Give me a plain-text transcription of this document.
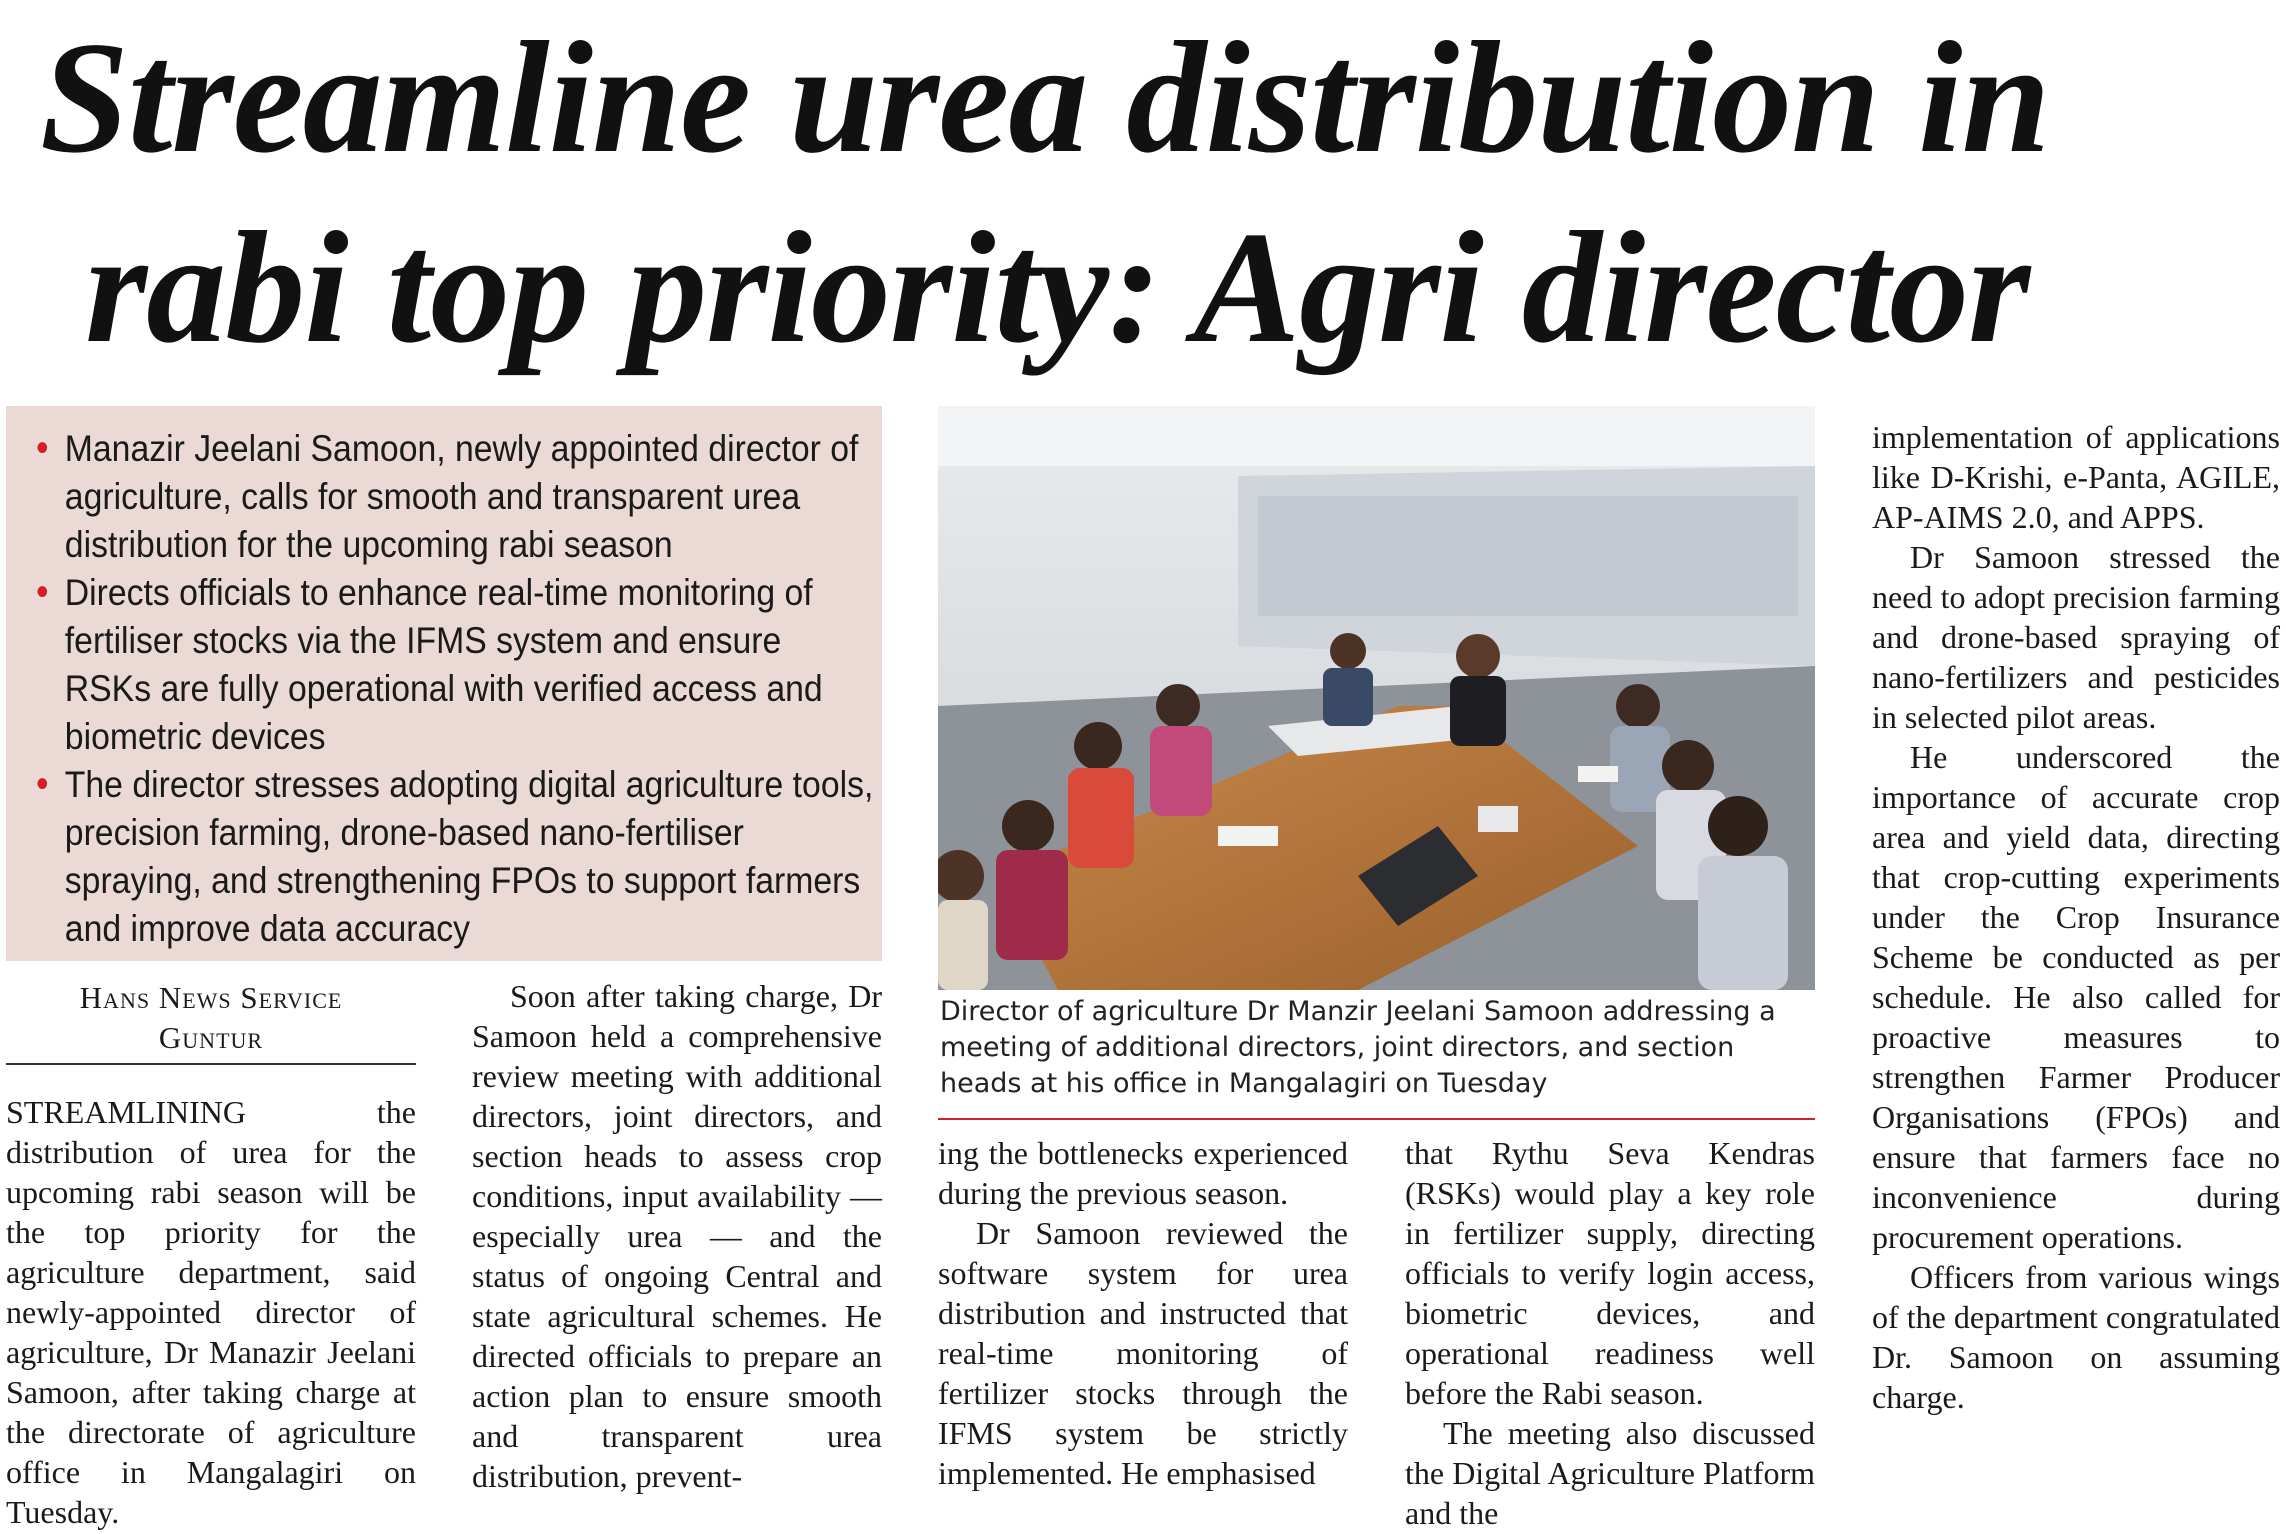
Streamline urea distribution in
rabi top priority: Agri director
• Manazir Jeelani Samoon, newly appointed director of agriculture, calls for smooth and transparent urea distribution for the upcoming rabi season
• Directs officials to enhance real-time monitoring of fertiliser stocks via the IFMS system and ensure RSKs are fully operational with verified access and biometric devices
• The director stresses adopting digital agriculture tools, precision farming, drone-based nano-fertiliser spraying, and strengthening FPOs to support farmers and improve data accuracy
Hans News Service
Guntur

STREAMLINING the distribution of urea for the upcoming rabi season will be the top priority for the agriculture department, said newly-appointed director of agriculture, Dr Manazir Jeelani Samoon, after taking charge at the directorate of agriculture office in Mangalagiri on Tuesday.

Soon after taking charge, Dr Samoon held a comprehensive review meeting with additional directors, joint directors, and section heads to assess crop conditions, input availability — especially urea — and the status of ongoing Central and state agricultural schemes. He directed officials to prepare an action plan to ensure smooth and transparent urea distribution, prevent-

Director of agriculture Dr Manzir Jeelani Samoon addressing a meeting of additional directors, joint directors, and section heads at his office in Mangalagiri on Tuesday

ing the bottlenecks experienced during the previous season.

Dr Samoon reviewed the software system for urea distribution and instructed that real-time monitoring of fertilizer stocks through the IFMS system be strictly implemented. He emphasised

that Rythu Seva Kendras (RSKs) would play a key role in fertilizer supply, directing officials to verify login access, biometric devices, and operational readiness well before the Rabi season.

The meeting also discussed the Digital Agriculture Platform and the

implementation of applications like D-Krishi, e-Panta, AGILE, AP-AIMS 2.0, and APPS.

Dr Samoon stressed the need to adopt precision farming and drone-based spraying of nano-fertilizers and pesticides in selected pilot areas.

He underscored the importance of accurate crop area and yield data, directing that crop-cutting experiments under the Crop Insurance Scheme be conducted as per schedule. He also called for proactive measures to strengthen Farmer Producer Organisations (FPOs) and ensure that farmers face no inconvenience during procurement operations.

Officers from various wings of the department congratulated Dr. Samoon on assuming charge.
